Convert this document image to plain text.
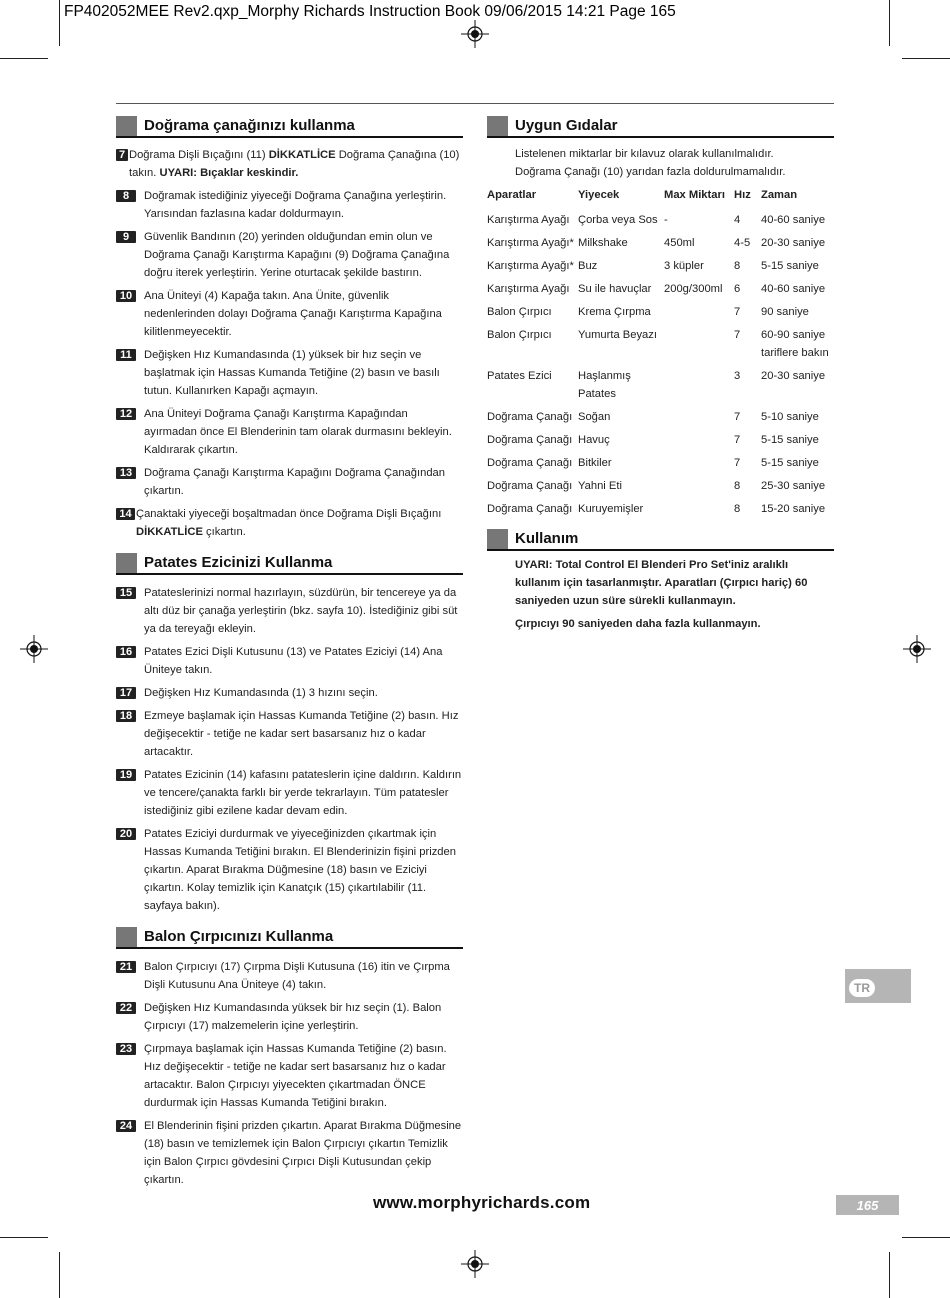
FP402052MEE Rev2.qxp_Morphy Richards Instruction Book 09/06/2015 14:21 Page 165
Doğrama çanağınızı kullanma
7 Doğrama Dişli Bıçağını (11) DİKKATLİCE Doğrama Çanağına (10) takın. UYARI: Bıçaklar keskindir.
8	Doğramak istediğiniz yiyeceği Doğrama Çanağına yerleştirin. Yarısından fazlasına kadar doldurmayın.
9	Güvenlik Bandının (20) yerinden olduğundan emin olun ve Doğrama Çanağı Karıştırma Kapağını (9) Doğrama Çanağına doğru iterek yerleştirin. Yerine oturtacak şekilde bastırın.
10	Ana Üniteyi (4) Kapağa takın. Ana Ünite, güvenlik nedenlerinden dolayı Doğrama Çanağı Karıştırma Kapağına kilitlenmeyecektir.
11	Değişken Hız Kumandasında (1) yüksek bir hız seçin ve başlatmak için Hassas Kumanda Tetiğine (2) basın ve basılı tutun. Kullanırken Kapağı açmayın.
12	Ana Üniteyi Doğrama Çanağı Karıştırma Kapağından ayırmadan önce El Blenderinin tam olarak durmasını bekleyin. Kaldırarak çıkartın.
13	Doğrama Çanağı Karıştırma Kapağını Doğrama Çanağından çıkartın.
14 Çanaktaki yiyeceği boşaltmadan önce Doğrama Dişli Bıçağını DİKKATLİCE çıkartın.
Patates Ezicinizi Kullanma
15	Patateslerinizi normal hazırlayın, süzdürün, bir tencereye ya da altı düz bir çanağa yerleştirin (bkz. sayfa 10). İstediğiniz gibi süt ya da tereyağı ekleyin.
16	Patates Ezici Dişli Kutusunu (13) ve Patates Eziciyi (14) Ana Üniteye takın.
17	Değişken Hız Kumandasında (1) 3 hızını seçin.
18	Ezmeye başlamak için Hassas Kumanda Tetiğine (2) basın. Hız değişecektir - tetiğe ne kadar sert basarsanız hız o kadar artacaktır.
19	Patates Ezicinin (14) kafasını patateslerin içine daldırın. Kaldırın ve tencere/çanakta farklı bir yerde tekrarlayın. Tüm patatesler istediğiniz gibi ezilene kadar devam edin.
20	Patates Eziciyi durdurmak ve yiyeceğinizden çıkartmak için Hassas Kumanda Tetiğini bırakın. El Blenderinizin fişini prizden çıkartın. Aparat Bırakma Düğmesine (18) basın ve Eziciyi çıkartın. Kolay temizlik için Kanatçık (15) çıkartılabilir (11. sayfaya bakın).
Balon Çırpıcınızı Kullanma
21	Balon Çırpıcıyı (17) Çırpma Dişli Kutusuna (16) itin ve Çırpma Dişli Kutusunu Ana Üniteye (4) takın.
22	Değişken Hız Kumandasında yüksek bir hız seçin (1). Balon Çırpıcıyı (17) malzemelerin içine yerleştirin.
23	Çırpmaya başlamak için Hassas Kumanda Tetiğine (2) basın. Hız değişecektir - tetiğe ne kadar sert basarsanız hız o kadar artacaktır. Balon Çırpıcıyı yiyecekten çıkartmadan ÖNCE durdurmak için Hassas Kumanda Tetiğini bırakın.
24	El Blenderinin fişini prizden çıkartın. Aparat Bırakma Düğmesine (18) basın ve temizlemek için Balon Çırpıcıyı çıkartın Temizlik için Balon Çırpıcı gövdesini Çırpıcı Dişli Kutusundan çekip çıkartın.
Uygun Gıdalar
Listelenen miktarlar bir kılavuz olarak kullanılmalıdır.
Doğrama Çanağı (10) yarıdan fazla doldurulmamalıdır.
Aparatlar	Yiyecek	Max Miktarı	Hız	Zaman
Karıştırma Ayağı	Çorba veya Sos	-	4	40-60 saniye
Karıştırma Ayağı*	Milkshake	450ml	4-5	20-30 saniye
Karıştırma Ayağı*	Buz	3 küpler	8	5-15 saniye
Karıştırma Ayağı	Su ile havuçlar	200g/300ml	6	40-60 saniye
Balon Çırpıcı	Krema Çırpma		7	90 saniye
Balon Çırpıcı	Yumurta Beyazı		7	60-90 saniye tariflere bakın
Patates Ezici	Haşlanmış Patates		3	20-30 saniye
Doğrama Çanağı	Soğan		7	5-10 saniye
Doğrama Çanağı	Havuç		7	5-15 saniye
Doğrama Çanağı	Bitkiler		7	5-15 saniye
Doğrama Çanağı	Yahni Eti		8	25-30 saniye
Doğrama Çanağı	Kuruyemişler		8	15-20 saniye
Kullanım
UYARI: Total Control El Blenderi Pro Set'iniz aralıklı kullanım için tasarlanmıştır. Aparatları (Çırpıcı hariç) 60 saniyeden uzun süre sürekli kullanmayın.
Çırpıcıyı 90 saniyeden daha fazla kullanmayın.
TR
www.morphyrichards.com	165
